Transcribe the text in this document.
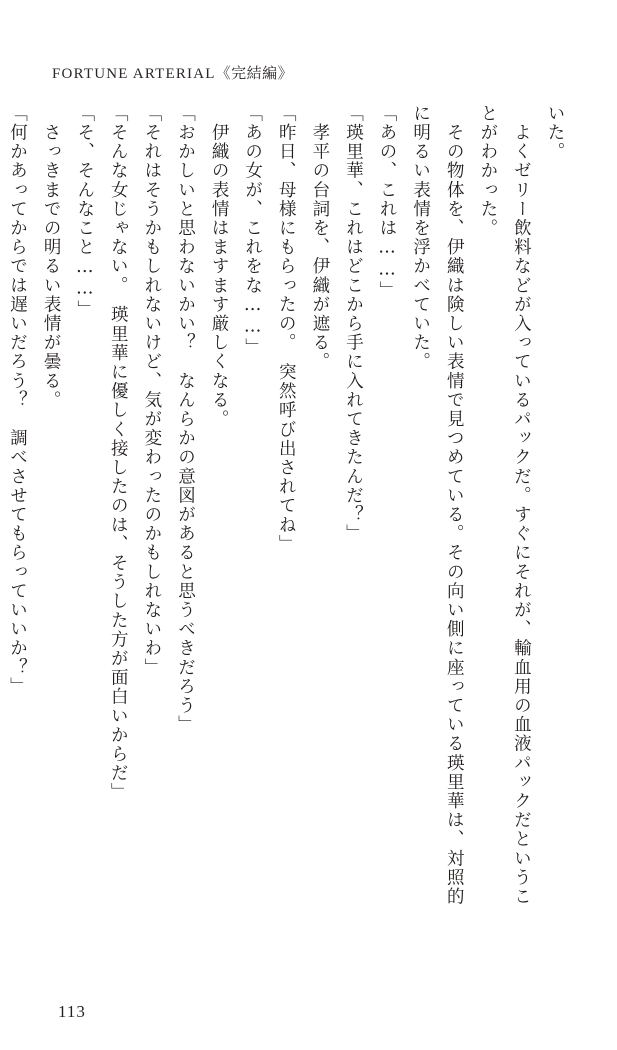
FORTUNE ARTERIAL《完結編》

いた。

　よくゼリー飲料などが入っているパックだ。すぐにそれが、輸血用の血液パックだというこ

とがわかった。

　その物体を、伊織は険しい表情で見つめている。その向い側に座っている瑛里華は、対照的

に明るい表情を浮かべていた。

「あの、これは……」

「瑛里華、これはどこから手に入れてきたんだ？」

　孝平の台詞を、伊織が遮る。

「昨日、母様にもらったの。　突然呼び出されてね」

「あの女が、これをな……」

　伊織の表情はますます厳しくなる。

「おかしいと思わないかい？　なんらかの意図があると思うべきだろう」

「それはそうかもしれないけど、気が変わったのかもしれないわ」

「そんな女じゃない。　瑛里華に優しく接したのは、そうした方が面白いからだ」

「そ、そんなこと……」

　さっきまでの明るい表情が曇る。

「何かあってからでは遅いだろう？　調べさせてもらっていいか？」

113
